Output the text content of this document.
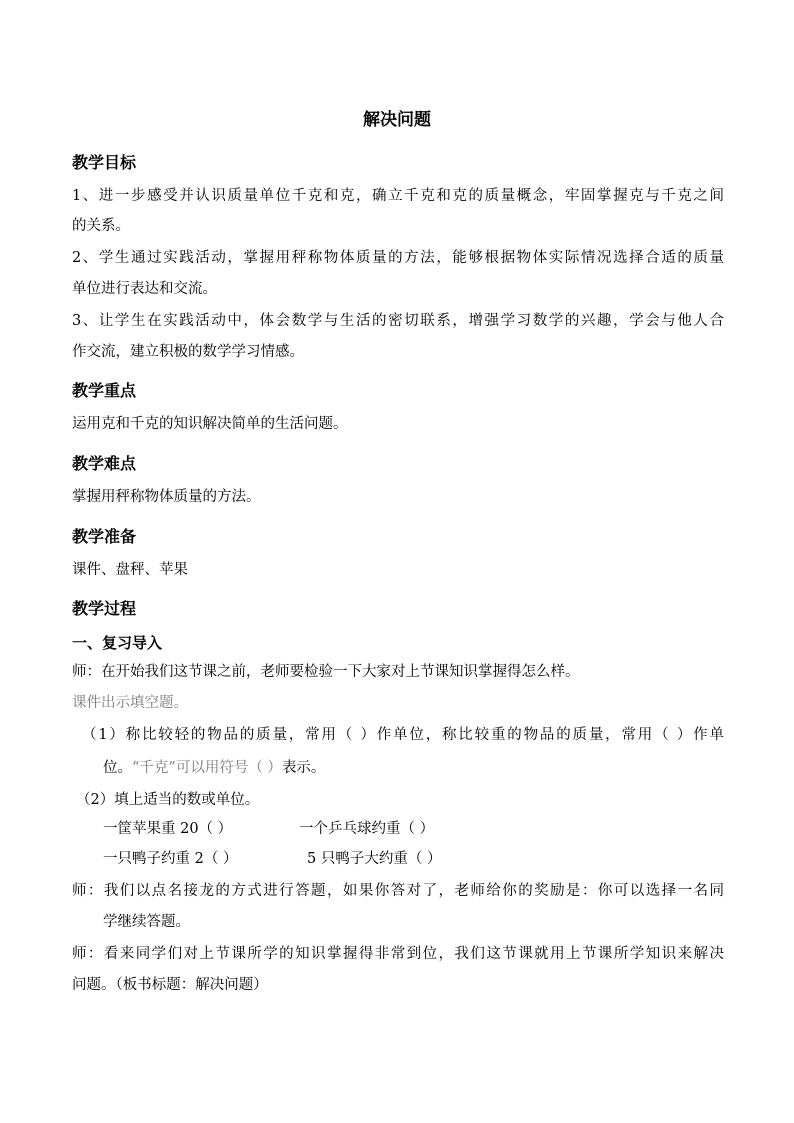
解决问题
教学目标
1、进一步感受并认识质量单位千克和克，确立千克和克的质量概念，牢固掌握克与千克之间
的关系。
2、学生通过实践活动，掌握用秤称物体质量的方法，能够根据物体实际情况选择合适的质量
单位进行表达和交流。
3、让学生在实践活动中，体会数学与生活的密切联系，增强学习数学的兴趣，学会与他人合
作交流，建立积极的数学学习情感。
教学重点
运用克和千克的知识解决简单的生活问题。
教学难点
掌握用秤称物体质量的方法。
教学准备
课件、盘秤、苹果
教学过程
一、复习导入
师：在开始我们这节课之前，老师要检验一下大家对上节课知识掌握得怎么样。
课件出示填空题。
（1）称比较轻的物品的质量，常用（ ）作单位，称比较重的物品的质量，常用（ ）作单
位。“千克”可以用符号（ ）表示。
（2）填上适当的数或单位。
一筐苹果重 20（ ）	一个乒乓球约重（ ）
一只鸭子约重 2（ ）	5 只鸭子大约重（ ）
师：我们以点名接龙的方式进行答题，如果你答对了，老师给你的奖励是：你可以选择一名同
学继续答题。
师：看来同学们对上节课所学的知识掌握得非常到位，我们这节课就用上节课所学知识来解决
问题。（板书标题：解决问题）
